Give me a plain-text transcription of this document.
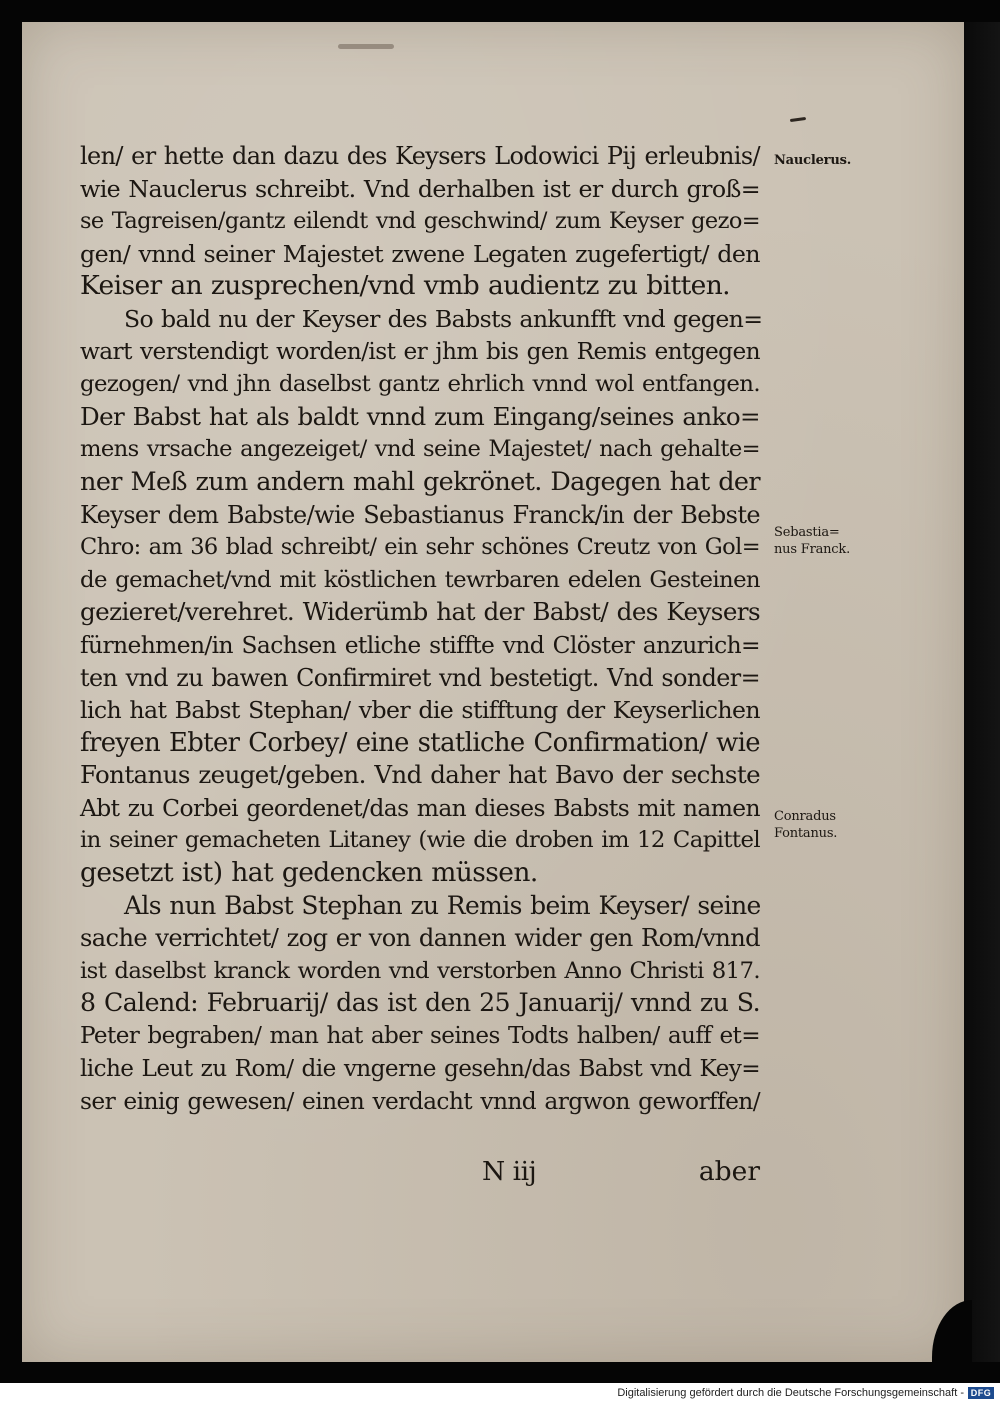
len/ er hette dan dazu des Keysers Lodowici Pij erleubnis/
wie Nauclerus schreibt. Vnd derhalben ist er durch groß=
se Tagreisen/gantz eilendt vnd geschwind/ zum Keyser gezo=
gen/ vnnd seiner Majestet zwene Legaten zugefertigt/ den
Keiser an zusprechen/vnd vmb audientz zu bitten.
So bald nu der Keyser des Babsts ankunfft vnd gegen=
wart verstendigt worden/ist er jhm bis gen Remis entgegen
gezogen/ vnd jhn daselbst gantz ehrlich vnnd wol entfangen.
Der Babst hat als baldt vnnd zum Eingang/seines anko=
mens vrsache angezeiget/ vnd seine Majestet/ nach gehalte=
ner Meß zum andern mahl gekrönet. Dagegen hat der
Keyser dem Babste/wie Sebastianus Franck/in der Bebste
Chro: am 36 blad schreibt/ ein sehr schönes Creutz von Gol=
de gemachet/vnd mit köstlichen tewrbaren edelen Gesteinen
gezieret/verehret. Widerümb hat der Babst/ des Keysers
fürnehmen/in Sachsen etliche stiffte vnd Clöster anzurich=
ten vnd zu bawen Confirmiret vnd bestetigt. Vnd sonder=
lich hat Babst Stephan/ vber die stifftung der Keyserlichen
freyen Ebter Corbey/ eine statliche Confirmation/ wie
Fontanus zeuget/geben. Vnd daher hat Bavo der sechste
Abt zu Corbei geordenet/das man dieses Babsts mit namen
in seiner gemacheten Litaney (wie die droben im 12 Capittel
gesetzt ist) hat gedencken müssen.
Als nun Babst Stephan zu Remis beim Keyser/ seine
sache verrichtet/ zog er von dannen wider gen Rom/vnnd
ist daselbst kranck worden vnd verstorben Anno Christi 817.
8 Calend: Februarij/ das ist den 25 Januarij/ vnnd zu S.
Peter begraben/ man hat aber seines Todts halben/ auff et=
liche Leut zu Rom/ die vngerne gesehn/das Babst vnd Key=
ser einig gewesen/ einen verdacht vnnd argwon geworffen/
N iij	aber
Nauclerus.
Sebastia=
nus Franck.
Conradus
Fontanus.
Digitalisierung gefördert durch die Deutsche Forschungsgemeinschaft - DFG
